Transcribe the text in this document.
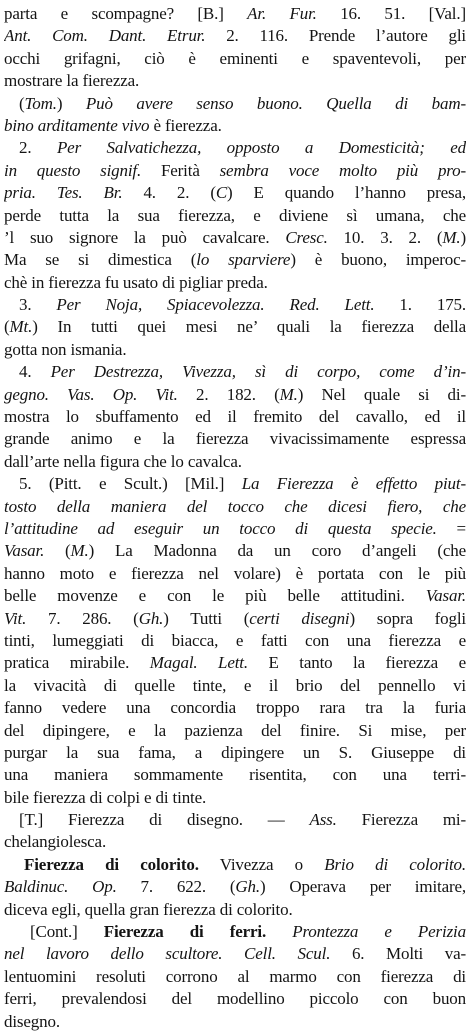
parta e scompagne? [B.] Ar. Fur. 16. 51. [Val.]
Ant. Com. Dant. Etrur. 2. 116. Prende l’autore gli
occhi grifagni, ciò è eminenti e spaventevoli, per
mostrare la fierezza.
(Tom.) Può avere senso buono. Quella di bam-
bino arditamente vivo è fierezza.
2. Per Salvatichezza, opposto a Domesticità; ed
in questo signif. Ferità sembra voce molto più pro-
pria. Tes. Br. 4. 2. (C) E quando l’hanno presa,
perde tutta la sua fierezza, e diviene sì umana, che
’l suo signore la può cavalcare. Cresc. 10. 3. 2. (M.)
Ma se si dimestica (lo sparviere) è buono, imperoc-
chè in fierezza fu usato di pigliar preda.
3. Per Noja, Spiacevolezza. Red. Lett. 1. 175.
(Mt.) In tutti quei mesi ne’ quali la fierezza della
gotta non ismania.
4. Per Destrezza, Vivezza, sì di corpo, come d’in-
gegno. Vas. Op. Vit. 2. 182. (M.) Nel quale si di-
mostra lo sbuffamento ed il fremito del cavallo, ed il
grande animo e la fierezza vivacissimamente espressa
dall’arte nella figura che lo cavalca.
5. (Pitt. e Scult.) [Mil.] La Fierezza è effetto piut-
tosto della maniera del tocco che dicesi fiero, che
l’attitudine ad eseguir un tocco di questa specie. =
Vasar. (M.) La Madonna da un coro d’angeli (che
hanno moto e fierezza nel volare) è portata con le più
belle movenze e con le più belle attitudini. Vasar.
Vit. 7. 286. (Gh.) Tutti (certi disegni) sopra fogli
tinti, lumeggiati di biacca, e fatti con una fierezza e
pratica mirabile. Magal. Lett. E tanto la fierezza e
la vivacità di quelle tinte, e il brio del pennello vi
fanno vedere una concordia troppo rara tra la furia
del dipingere, e la pazienza del finire. Si mise, per
purgar la sua fama, a dipingere un S. Giuseppe di
una maniera sommamente risentita, con una terri-
bile fierezza di colpi e di tinte.
[T.] Fierezza di disegno. — Ass. Fierezza mi-
chelangiolesca.
Fierezza di colorito. Vivezza o Brio di colorito.
Baldinuc. Op. 7. 622. (Gh.) Operava per imitare,
diceva egli, quella gran fierezza di colorito.
[Cont.] Fierezza di ferri. Prontezza e Perizia
nel lavoro dello scultore. Cell. Scul. 6. Molti va-
lentuomini resoluti corrono al marmo con fierezza di
ferri, prevalendosi del modellino piccolo con buon
disegno.
